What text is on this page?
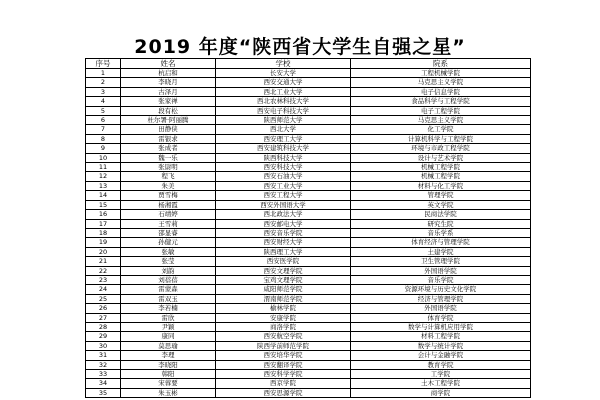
2019 年度“陕西省大学生自强之星”
序号	姓名	学校	院系
1	杭启和	长安大学	工程机械学院
2	李晓月	西安交通大学	马克思主义学院
3	古泽月	西北工业大学	电子信息学院
4	张家禅	西北农林科技大学	食品科学与工程学院
5	段有松	西安电子科技大学	电子工程学院
6	杜尔署·阿丽腾	陕西师范大学	马克思主义学院
7	田静侠	西北大学	化工学院
8	雷银求	西安理工大学	计算机科学与工程学院
9	张成者	西安建筑科技大学	环境与市政工程学院
10	魏一乐	陕西科技大学	设计与艺术学院
11	张尉明	西安科技大学	机械工程学院
12	程飞	西安石油大学	机械工程学院
13	朱美	西安工业大学	材料与化工学院
14	贾雪梅	西安工程大学	管理学院
15	杨湘霞	西安外国语大学	英文学院
16	石靖婷	西北政法大学	民商法学院
17	王雪莉	西安邮电大学	研究生院
18	邵显睿	西安音乐学院	音乐学系
19	孙健元	西安财经大学	体育经济与管理学院
20	张敏	陕西理工大学	土建学院
21	张莹	西安医学院	卫生管理学院
22	刘韵	西安文理学院	外国语学院
23	刘蓓蓓	宝鸡文理学院	音乐学院
24	雷蒙森	咸阳师范学院	资源环境与历史文化学院
25	雷双玉	渭南师范学院	经济与管理学院
26	李若楠	榆林学院	外国语学院
27	雷欣	安康学院	体育学院
28	尹颖	商洛学院	数学与计算机应用学院
29	康同	西安航空学院	材料工程学院
30	莫思瑜	陕西学前师范学院	数学与统计学院
31	李理	西安培华学院	会计与金融学院
32	李晓阳	西安翻译学院	教育学院
33	韩阳	西安科学学院	工学院
34	宋蓉要	西京学院	土木工程学院
35	朱玉彬	西安思源学院	商学院
